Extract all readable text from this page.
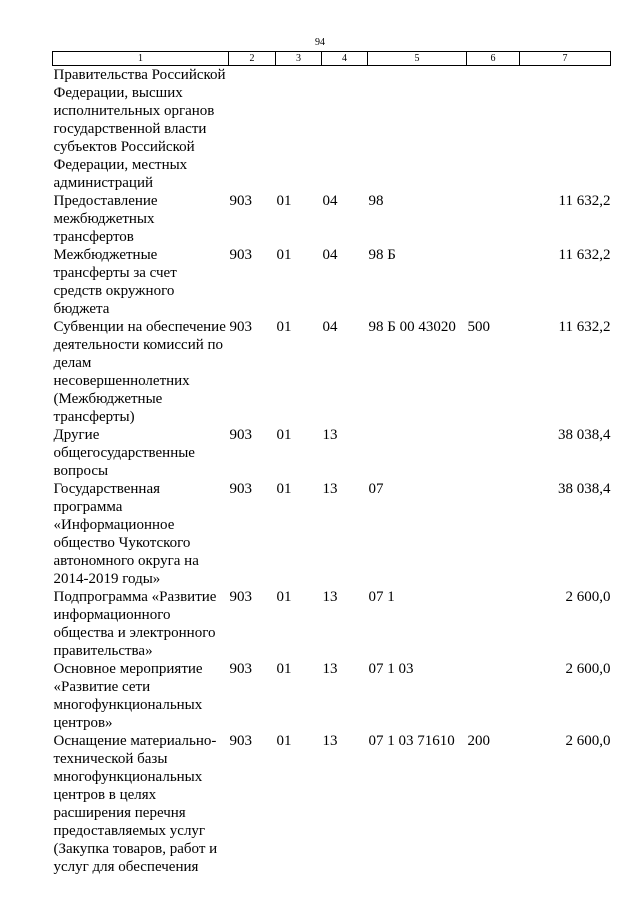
94
1	2	3	4	5	6	7
Правительства Российской Федерации, высших исполнительных органов государственной власти субъектов Российской Федерации, местных администраций						
Предоставление межбюджетных трансфертов	903	01	04	98		11 632,2
Межбюджетные трансферты за счет средств окружного бюджета	903	01	04	98 Б		11 632,2
Субвенции на обеспечение деятельности комиссий по делам несовершеннолетних (Межбюджетные трансферты)	903	01	04	98 Б 00 43020	500	11 632,2
Другие общегосударственные вопросы	903	01	13			38 038,4
Государственная программа «Информационное общество Чукотского автономного округа на 2014-2019 годы»	903	01	13	07		38 038,4
Подпрограмма «Развитие информационного общества и электронного правительства»	903	01	13	07 1		2 600,0
Основное мероприятие «Развитие сети многофункциональных центров»	903	01	13	07 1 03		2 600,0
Оснащение материально-технической базы многофункциональных центров в целях расширения перечня предоставляемых услуг (Закупка товаров, работ и услуг для обеспечения	903	01	13	07 1 03 71610	200	2 600,0
